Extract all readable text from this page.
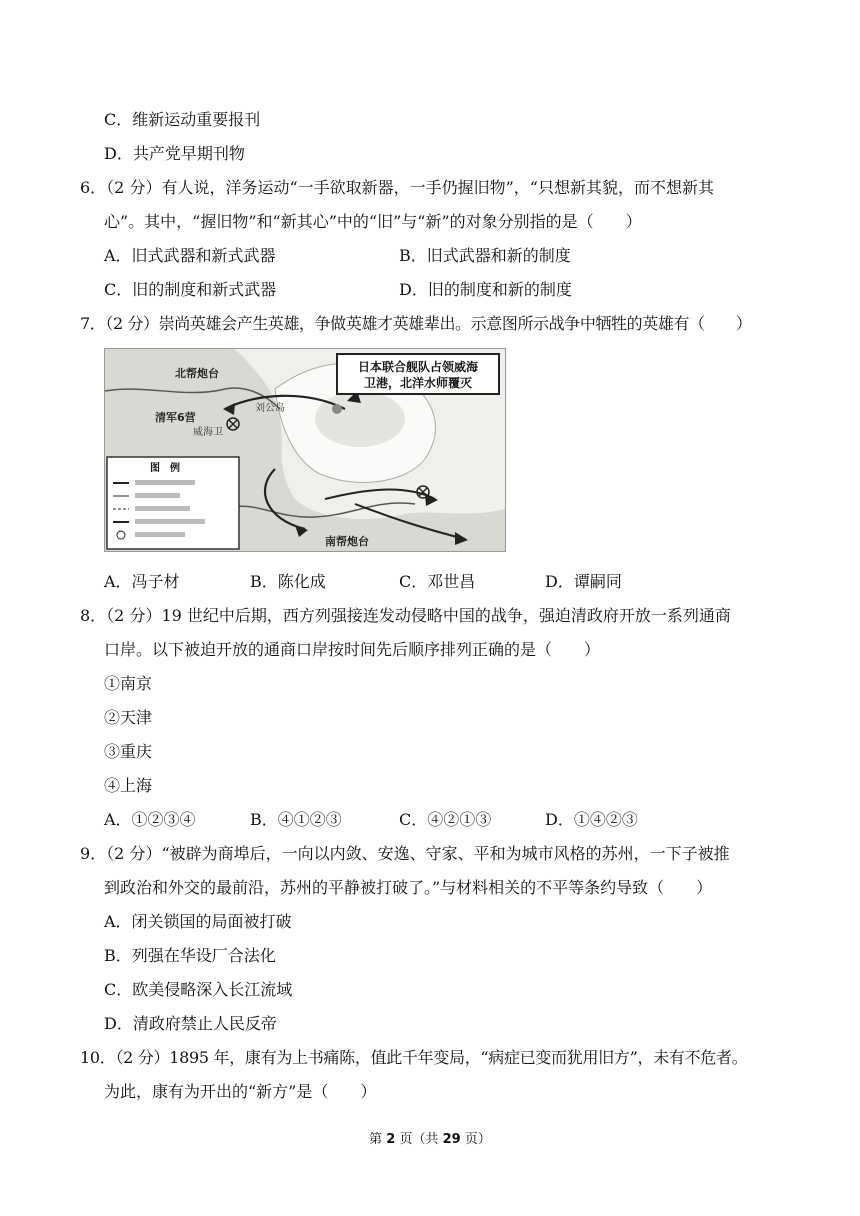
C．维新运动重要报刊
D．共产党早期刊物
6．（2 分）有人说，洋务运动“一手欲取新器，一手仍握旧物”，“只想新其貌，而不想新其
心”。其中，“握旧物”和“新其心”中的“旧”与“新”的对象分别指的是（　　）
A．旧式武器和新式武器	B．旧式武器和新的制度
C．旧的制度和新式武器	D．旧的制度和新的制度
7．（2 分）崇尚英雄会产生英雄，争做英雄才英雄辈出。示意图所示战争中牺牲的英雄有（　　）
日本联合舰队占领威海
卫港，北洋水师覆灭
北帮炮台
清军6营
刘公岛
威海卫
南帮炮台
图　例
A．冯子材	B．陈化成	C．邓世昌	D．谭嗣同
8．（2 分）19 世纪中后期，西方列强接连发动侵略中国的战争，强迫清政府开放一系列通商
口岸。以下被迫开放的通商口岸按时间先后顺序排列正确的是（　　）
①南京
②天津
③重庆
④上海
A．①②③④	B．④①②③	C．④②①③	D．①④②③
9．（2 分）“被辟为商埠后，一向以内敛、安逸、守家、平和为城市风格的苏州，一下子被推
到政治和外交的最前沿，苏州的平静被打破了。”与材料相关的不平等条约导致（　　）
A．闭关锁国的局面被打破
B．列强在华设厂合法化
C．欧美侵略深入长江流域
D．清政府禁止人民反帝
10．（2 分）1895 年，康有为上书痛陈，值此千年变局，“病症已变而犹用旧方”，未有不危者。
为此，康有为开出的“新方”是（　　）
第 2 页（共 29 页）
